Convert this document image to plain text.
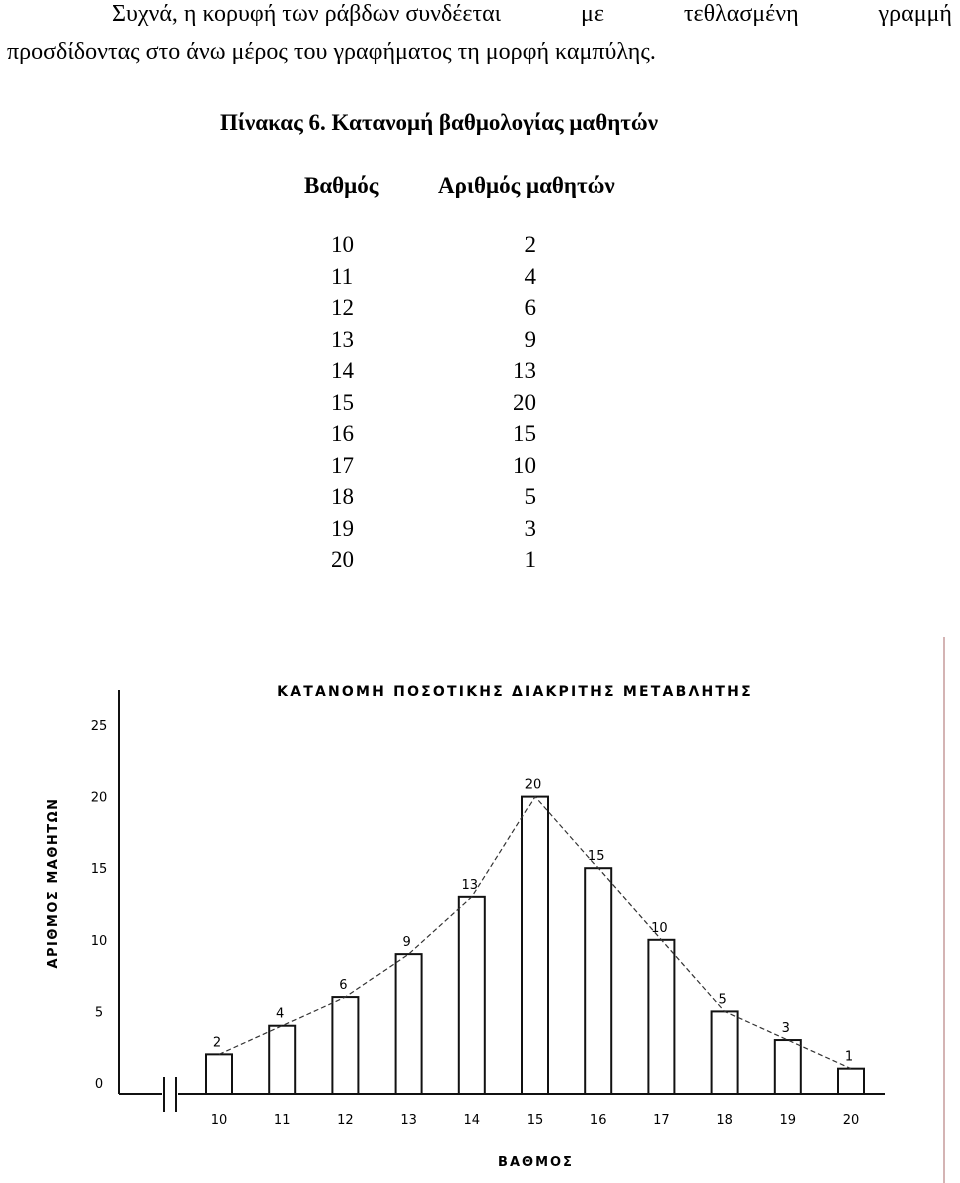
Συχνά, η κορυφή των ράβδων συνδέεται	με	τεθλασμένη	γραμμή
προσδίδοντας στο άνω μέρος του γραφήματος τη μορφή καμπύλης.
Πίνακας 6. Κατανομή βαθμολογίας μαθητών
Βαθμός	Αριθμός μαθητών
10	2
11	4
12	6
13	9
14	13
15	20
16	15
17	10
18	5
19	3
20	1
ΚΑΤΑΝΟΜΗ ΠΟΣΟΤΙΚΗΣ ΔΙΑΚΡΙΤΗΣ ΜΕΤΑΒΛΗΤΗΣ
ΒΑΘΜΟΣ
ΑΡΙΘΜΟΣ ΜΑΘΗΤΩΝ
0
5
10
15
20
25
10
2
11
4
12
6
13
9
14
13
15
20
16
15
17
10
18
5
19
3
20
1
